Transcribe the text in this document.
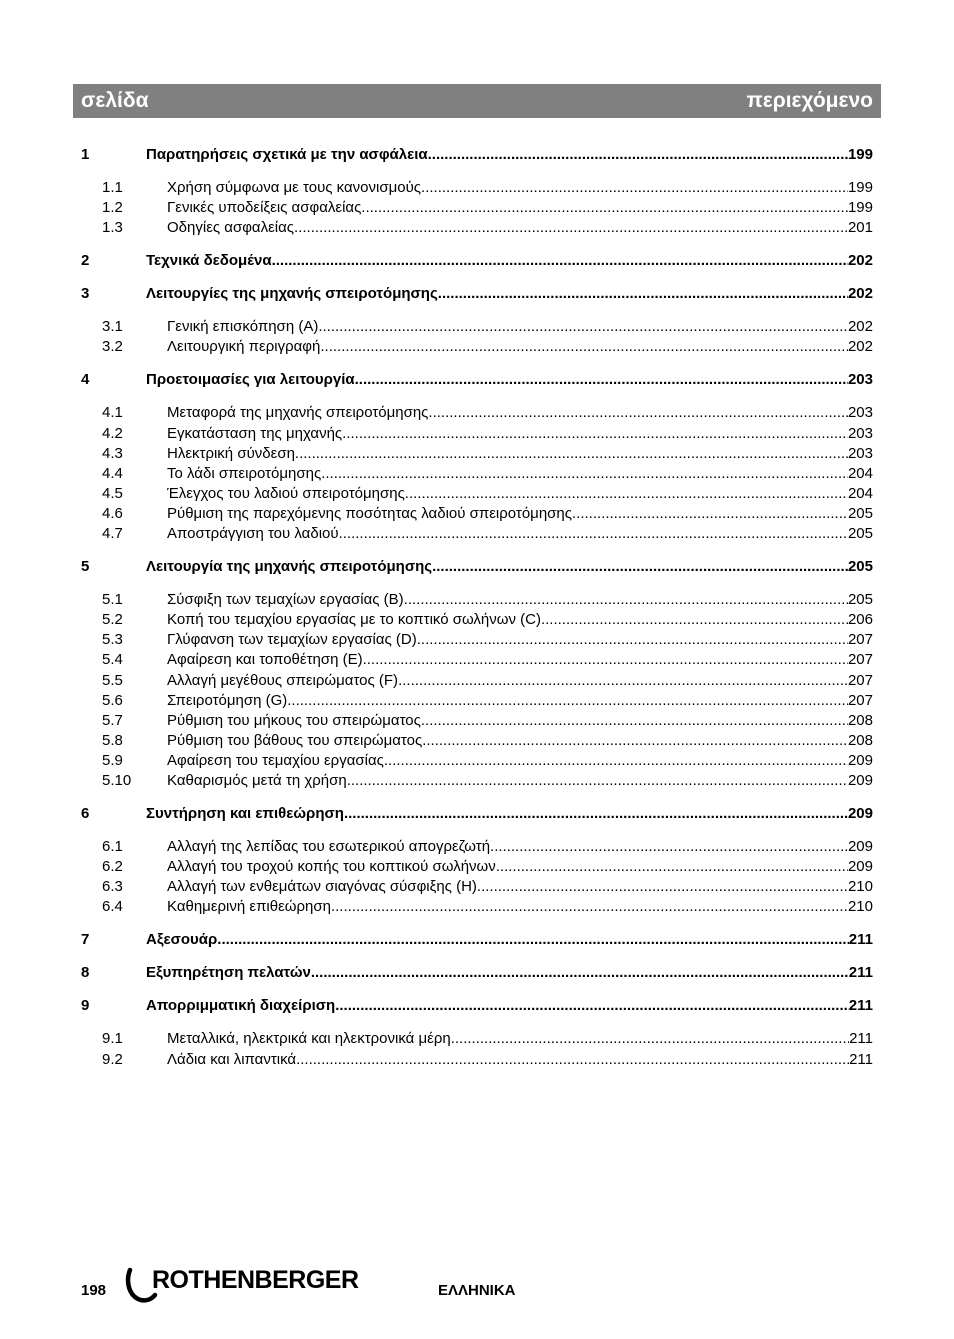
σελίδα	περιεχόμενο
1	Παρατηρήσεις σχετικά με την ασφάλεια .....	199
1.1	Χρήση σύμφωνα με τους κανονισμούς .....	199
1.2	Γενικές υποδείξεις ασφαλείας .....	199
1.3	Οδηγίες ασφαλείας .....	201
2	Τεχνικά δεδομένα .....	202
3	Λειτουργίες της μηχανής σπειροτόμησης .....	202
3.1	Γενική επισκόπηση (A) .....	202
3.2	Λειτουργική περιγραφή .....	202
4	Προετοιμασίες για λειτουργία .....	203
4.1	Μεταφορά της μηχανής σπειροτόμησης .....	203
4.2	Εγκατάσταση της μηχανής .....	203
4.3	Ηλεκτρική σύνδεση .....	203
4.4	Το λάδι σπειροτόμησης .....	204
4.5	Έλεγχος του λαδιού σπειροτόμησης .....	204
4.6	Ρύθμιση της παρεχόμενης ποσότητας λαδιού σπειροτόμησης .....	205
4.7	Αποστράγγιση του λαδιού .....	205
5	Λειτουργία της μηχανής σπειροτόμησης .....	205
5.1	Σύσφιξη των τεμαχίων εργασίας (B) .....	205
5.2	Κοπή του τεμαχίου εργασίας με το κοπτικό σωλήνων (C) .....	206
5.3	Γλύφανση των τεμαχίων εργασίας (D) .....	207
5.4	Αφαίρεση και τοποθέτηση (E) .....	207
5.5	Αλλαγή μεγέθους σπειρώματος (F) .....	207
5.6	Σπειροτόμηση (G) .....	207
5.7	Ρύθμιση του μήκους του σπειρώματος .....	208
5.8	Ρύθμιση του βάθους του σπειρώματος .....	208
5.9	Αφαίρεση του τεμαχίου εργασίας .....	209
5.10	Καθαρισμός μετά τη χρήση .....	209
6	Συντήρηση και επιθεώρηση .....	209
6.1	Αλλαγή της λεπίδας του εσωτερικού απογρεζωτή .....	209
6.2	Αλλαγή του τροχού κοπής του κοπτικού σωλήνων .....	209
6.3	Αλλαγή των ενθεμάτων σιαγόνας σύσφιξης (H) .....	210
6.4	Καθημερινή επιθεώρηση .....	210
7	Αξεσουάρ .....	211
8	Εξυπηρέτηση πελατών .....	211
9	Απορριμματική διαχείριση .....	211
9.1	Μεταλλικά, ηλεκτρικά και ηλεκτρονικά μέρη .....	211
9.2	Λάδια και λιπαντικά .....	211
198 ROTHENBERGER	ΕΛΛΗΝΙΚΑ
